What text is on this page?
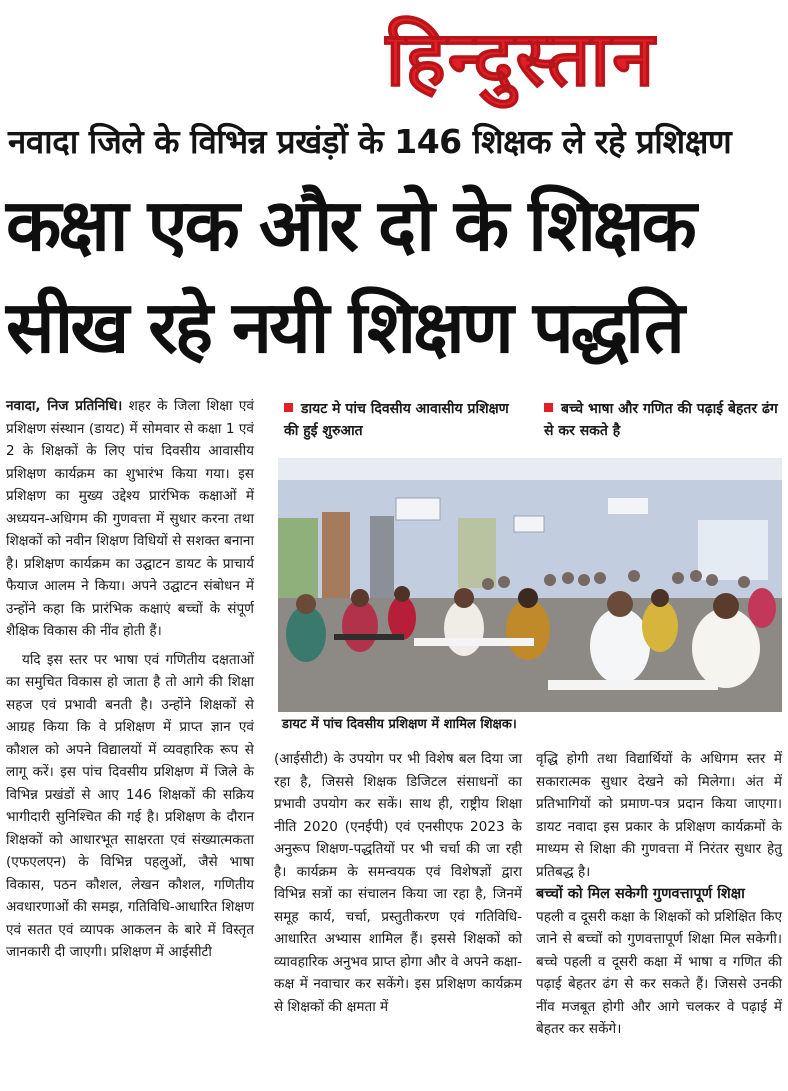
हिन्दुस्तान
नवादा जिले के विभिन्न प्रखंड़ों के 146 शिक्षक ले रहे प्रशिक्षण
कक्षा एक और दो के शिक्षक
सीख रहे नयी शिक्षण पद्धति

नवादा, निज प्रतिनिधि। शहर के जिला शिक्षा एवं प्रशिक्षण संस्थान (डायट) में सोमवार से कक्षा 1 एवं 2 के शिक्षकों के लिए पांच दिवसीय आवासीय प्रशिक्षण कार्यक्रम का शुभारंभ किया गया। इस प्रशिक्षण का मुख्य उद्देश्य प्रारंभिक कक्षाओं में अध्ययन-अधिगम की गुणवत्ता में सुधार करना तथा शिक्षकों को नवीन शिक्षण विधियों से सशक्त बनाना है। प्रशिक्षण कार्यक्रम का उद्घाटन डायट के प्राचार्य फैयाज आलम ने किया। अपने उद्घाटन संबोधन में उन्होंने कहा कि प्रारंभिक कक्षाएं बच्चों के संपूर्ण शैक्षिक विकास की नींव होती हैं।

यदि इस स्तर पर भाषा एवं गणितीय दक्षताओं का समुचित विकास हो जाता है तो आगे की शिक्षा सहज एवं प्रभावी बनती है। उन्होंने शिक्षकों से आग्रह किया कि वे प्रशिक्षण में प्राप्त ज्ञान एवं कौशल को अपने विद्यालयों में व्यवहारिक रूप से लागू करें। इस पांच दिवसीय प्रशिक्षण में जिले के विभिन्न प्रखंडों से आए 146 शिक्षकों की सक्रिय भागीदारी सुनिश्चित की गई है। प्रशिक्षण के दौरान शिक्षकों को आधारभूत साक्षरता एवं संख्यात्मकता (एफएलएन) के विभिन्न पहलुओं, जैसे भाषा विकास, पठन कौशल, लेखन कौशल, गणितीय अवधारणाओं की समझ, गतिविधि-आधारित शिक्षण एवं सतत एवं व्यापक आकलन के बारे में विस्तृत जानकारी दी जाएगी। प्रशिक्षण में आईसीटी

डायट मे पांच दिवसीय आवासीय प्रशिक्षण की हुई शुरुआत
बच्चे भाषा और गणित की पढ़ाई बेहतर ढंग से कर सकते है
डायट में पांच दिवसीय प्रशिक्षण में शामिल शिक्षक।

(आईसीटी) के उपयोग पर भी विशेष बल दिया जा रहा है, जिससे शिक्षक डिजिटल संसाधनों का प्रभावी उपयोग कर सकें। साथ ही, राष्ट्रीय शिक्षा नीति 2020 (एनईपी) एवं एनसीएफ 2023 के अनुरूप शिक्षण-पद्धतियों पर भी चर्चा की जा रही है। कार्यक्रम के समन्वयक एवं विशेषज्ञों द्वारा विभिन्न सत्रों का संचालन किया जा रहा है, जिनमें समूह कार्य, चर्चा, प्रस्तुतीकरण एवं गतिविधि-आधारित अभ्यास शामिल हैं। इससे शिक्षकों को व्यावहारिक अनुभव प्राप्त होगा और वे अपने कक्षा-कक्ष में नवाचार कर सकेंगे। इस प्रशिक्षण कार्यक्रम से शिक्षकों की क्षमता में

वृद्धि होगी तथा विद्यार्थियों के अधिगम स्तर में सकारात्मक सुधार देखने को मिलेगा। अंत में प्रतिभागियों को प्रमाण-पत्र प्रदान किया जाएगा। डायट नवादा इस प्रकार के प्रशिक्षण कार्यक्रमों के माध्यम से शिक्षा की गुणवत्ता में निरंतर सुधार हेतु प्रतिबद्ध है।

बच्चों को मिल सकेगी गुणवत्तापूर्ण शिक्षा

पहली व दूसरी कक्षा के शिक्षकों को प्रशिक्षित किए जाने से बच्चों को गुणवत्तापूर्ण शिक्षा मिल सकेगी। बच्चे पहली व दूसरी कक्षा में भाषा व गणित की पढ़ाई बेहतर ढंग से कर सकते हैं। जिससे उनकी नींव मजबूत होगी और आगे चलकर वे पढ़ाई में बेहतर कर सकेंगे।
